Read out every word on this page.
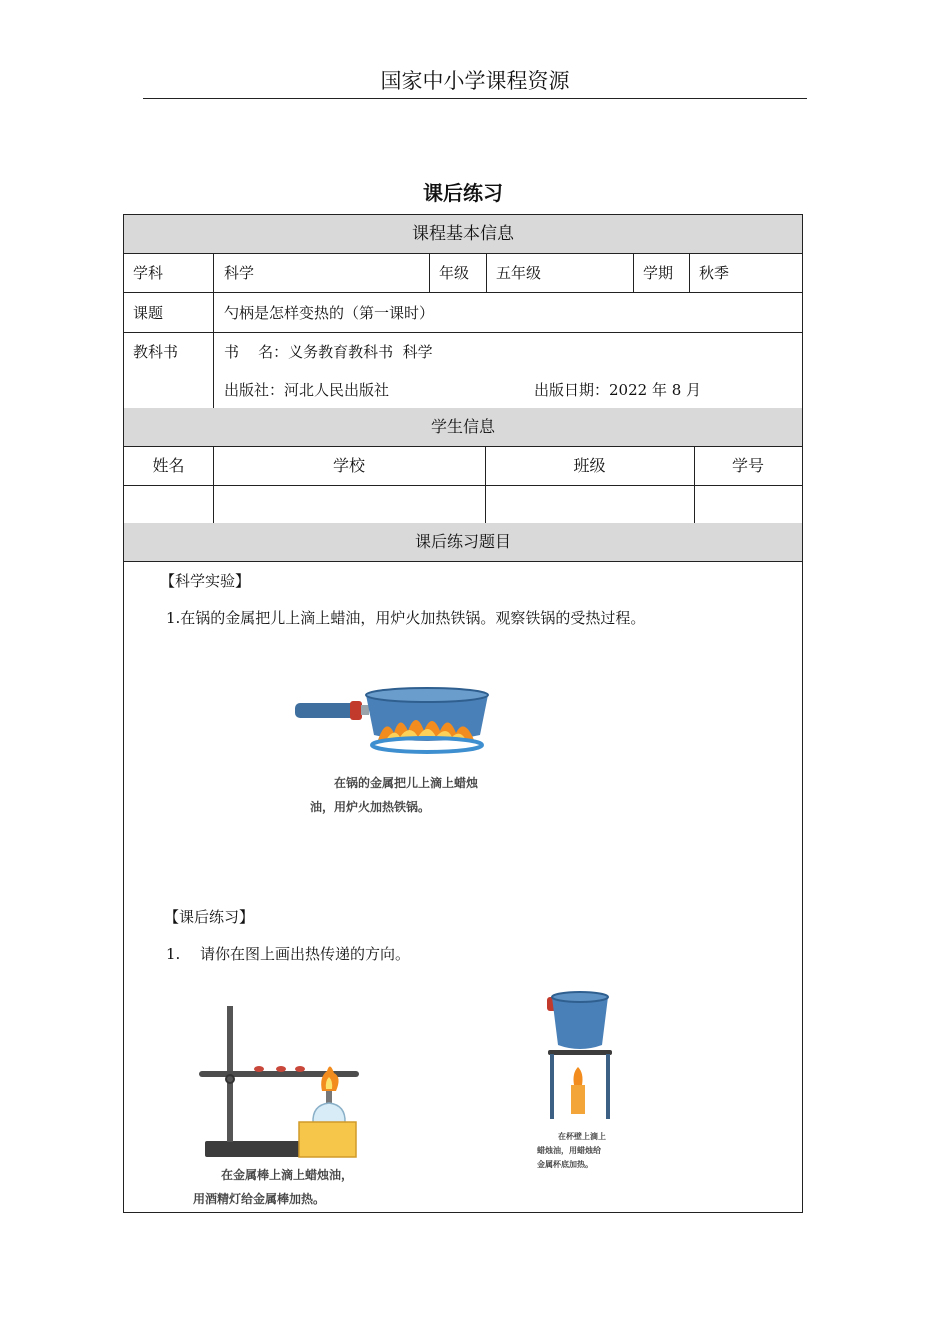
国家中小学课程资源
课后练习
课程基本信息
学科	科学	年级 五年级	学期 秋季
课题	勺柄是怎样变热的（第一课时）
教科书	书    名：义务教育教科书  科学
出版社：河北人民出版社	出版日期：2022 年 8 月
学生信息
姓名	学校	班级	学号
课后练习题目
【科学实验】
1.在锅的金属把儿上滴上蜡油，用炉火加热铁锅。观察铁锅的受热过程。
在锅的金属把儿上滴上蜡烛
油，用炉火加热铁锅。
【课后练习】
1. 请你在图上画出热传递的方向。
在金属棒上滴上蜡烛油，
用酒精灯给金属棒加热。
在杯壁上滴上
蜡烛油，用蜡烛给
金属杯底加热。
